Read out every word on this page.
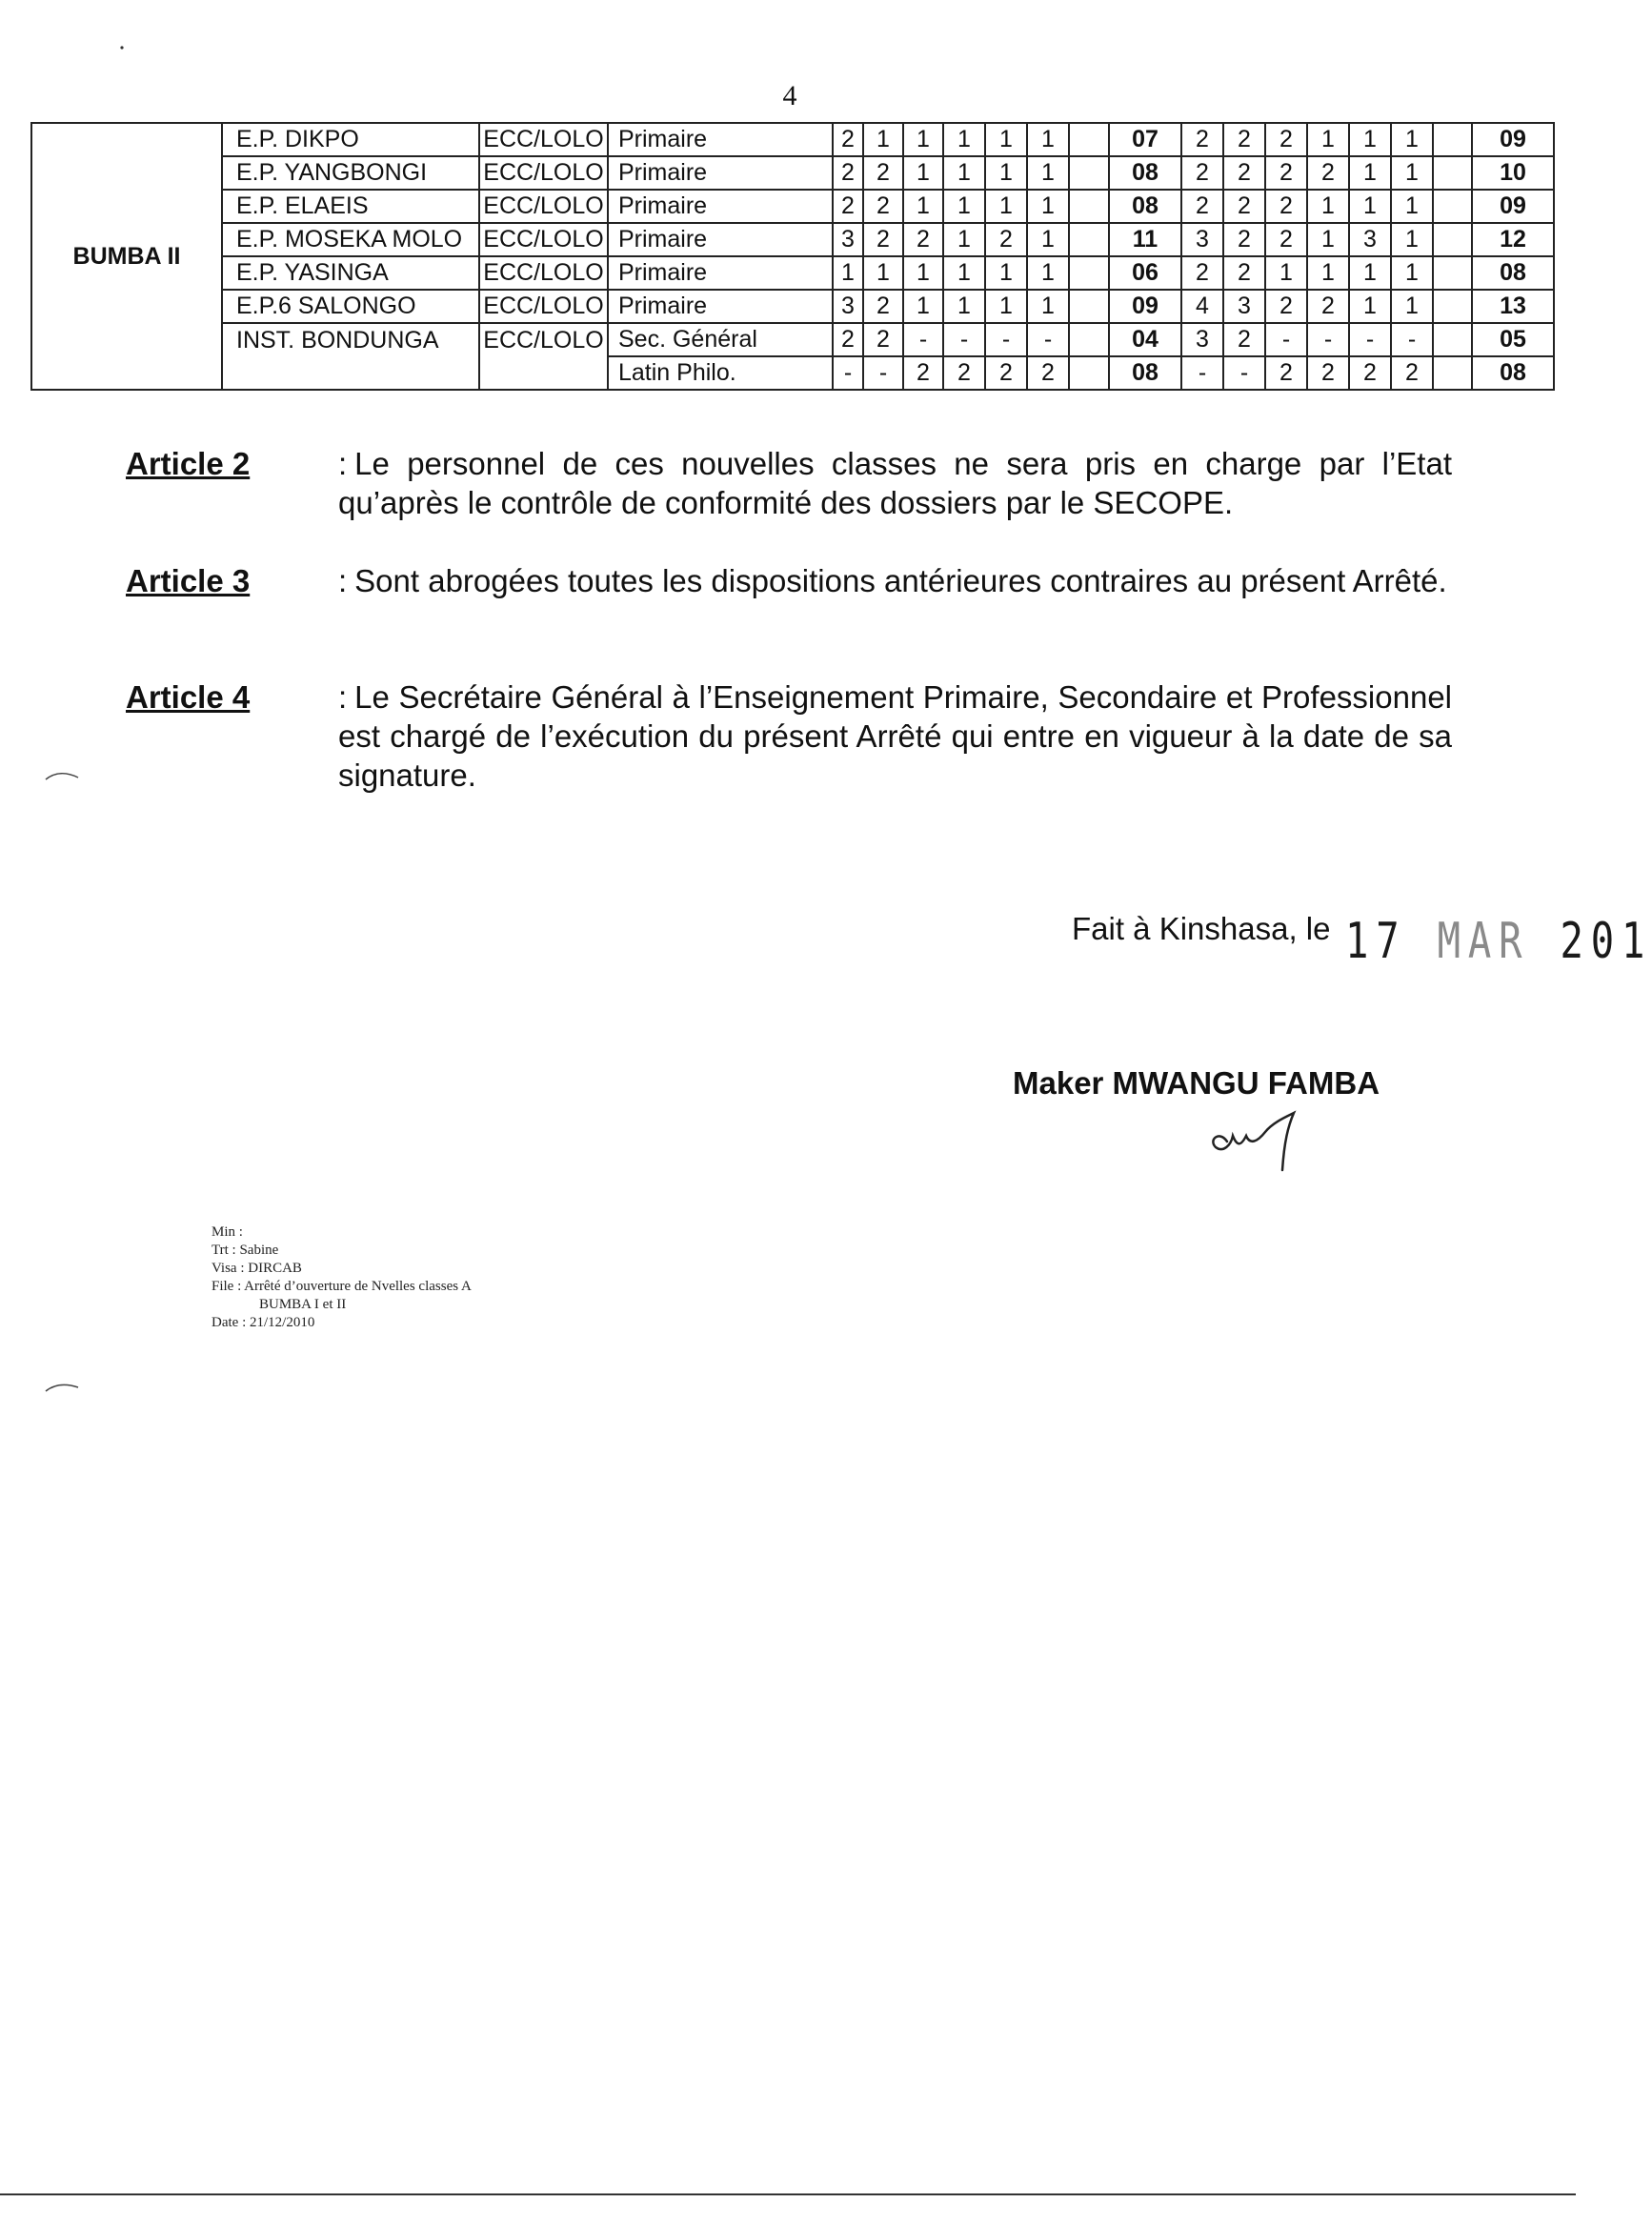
4
BUMBA II	E.P. DIKPO	ECC/LOLO	Primaire	2	1	1	1	1	1		07	2	2	2	1	1	1		09
	E.P. YANGBONGI	ECC/LOLO	Primaire	2	2	1	1	1	1		08	2	2	2	2	1	1		10
	E.P. ELAEIS	ECC/LOLO	Primaire	2	2	1	1	1	1		08	2	2	2	1	1	1		09
	E.P. MOSEKA MOLO	ECC/LOLO	Primaire	3	2	2	1	2	1		11	3	2	2	1	3	1		12
	E.P. YASINGA	ECC/LOLO	Primaire	1	1	1	1	1	1		06	2	2	1	1	1	1		08
	E.P.6 SALONGO	ECC/LOLO	Primaire	3	2	1	1	1	1		09	4	3	2	2	1	1		13
	INST. BONDUNGA	ECC/LOLO	Sec. Général	2	2	-	-	-	-		04	3	2	-	-	-	-		05
			Latin Philo.	-	-	2	2	2	2		08	-	-	2	2	2	2		08
Article 2	: Le personnel de ces nouvelles classes ne sera pris en charge par l’Etat qu’après le contrôle de conformité des dossiers par le SECOPE.
Article 3	: Sont abrogées toutes les dispositions antérieures contraires au présent Arrêté.
Article 4	: Le Secrétaire Général à l’Enseignement Primaire, Secondaire et Professionnel est chargé de l’exécution du présent Arrêté qui entre en vigueur à la date de sa signature.
Fait à Kinshasa, le 17 MAR 201
Maker MWANGU FAMBA
Min :
Trt : Sabine
Visa : DIRCAB
File : Arrêté d’ouverture de Nvelles classes A
BUMBA I et II
Date : 21/12/2010
